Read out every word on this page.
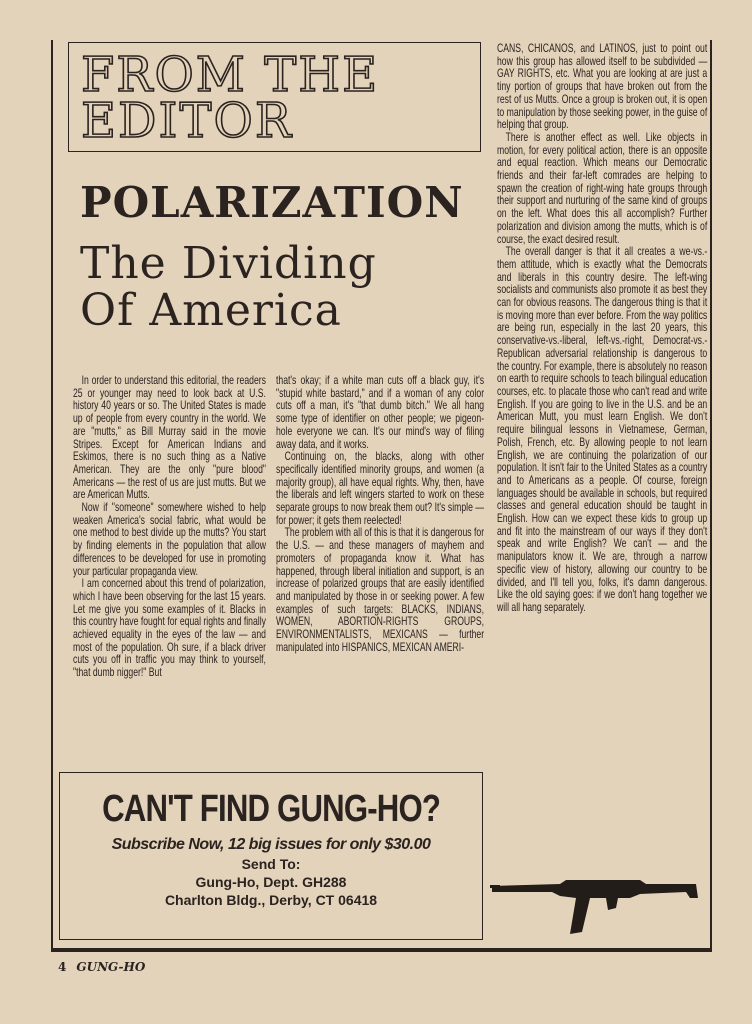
FROM THE
EDITOR
POLARIZATION
The Dividing
Of America

In order to understand this editorial, the readers 25 or younger may need to look back at U.S. history 40 years or so. The United States is made up of people from every country in the world. We are "mutts," as Bill Murray said in the movie Stripes. Except for American Indians and Eskimos, there is no such thing as a Native American. They are the only "pure blood" Americans — the rest of us are just mutts. But we are American Mutts.

Now if "someone" somewhere wished to help weaken America's social fabric, what would be one method to best divide up the mutts? You start by finding elements in the population that allow differences to be developed for use in promoting your particular propaganda view.

I am concerned about this trend of polarization, which I have been observing for the last 15 years. Let me give you some examples of it. Blacks in this country have fought for equal rights and finally achieved equality in the eyes of the law — and most of the population. Oh sure, if a black driver cuts you off in traffic you may think to yourself, "that dumb nigger!" But

that's okay; if a white man cuts off a black guy, it's "stupid white bastard," and if a woman of any color cuts off a man, it's "that dumb bitch." We all hang some type of identifier on other people; we pigeon-hole everyone we can. It's our mind's way of filing away data, and it works.

Continuing on, the blacks, along with other specifically identified minority groups, and women (a majority group), all have equal rights. Why, then, have the liberals and left wingers started to work on these separate groups to now break them out? It's simple — for power; it gets them reelected!

The problem with all of this is that it is dangerous for the U.S. — and these managers of mayhem and promoters of propaganda know it. What has happened, through liberal initiation and support, is an increase of polarized groups that are easily identified and manipulated by those in or seeking power. A few examples of such targets: BLACKS, INDIANS, WOMEN, ABORTION-RIGHTS GROUPS, ENVIRONMENTALISTS, MEXICANS — further manipulated into HISPANICS, MEXICAN AMERI-

CANS, CHICANOS, and LATINOS, just to point out how this group has allowed itself to be subdivided — GAY RIGHTS, etc. What you are looking at are just a tiny portion of groups that have broken out from the rest of us Mutts. Once a group is broken out, it is open to manipulation by those seeking power, in the guise of helping that group.

There is another effect as well. Like objects in motion, for every political action, there is an opposite and equal reaction. Which means our Democratic friends and their far-left comrades are helping to spawn the creation of right-wing hate groups through their support and nurturing of the same kind of groups on the left. What does this all accomplish? Further polarization and division among the mutts, which is of course, the exact desired result.

The overall danger is that it all creates a we-vs.-them attitude, which is exactly what the Democrats and liberals in this country desire. The left-wing socialists and communists also promote it as best they can for obvious reasons. The dangerous thing is that it is moving more than ever before. From the way politics are being run, especially in the last 20 years, this conservative-vs.-liberal, left-vs.-right, Democrat-vs.-Republican adversarial relationship is dangerous to the country. For example, there is absolutely no reason on earth to require schools to teach bilingual education courses, etc. to placate those who can't read and write English. If you are going to live in the U.S. and be an American Mutt, you must learn English. We don't require bilingual lessons in Vietnamese, German, Polish, French, etc. By allowing people to not learn English, we are continuing the polarization of our population. It isn't fair to the United States as a country and to Americans as a people. Of course, foreign languages should be available in schools, but required classes and general education should be taught in English. How can we expect these kids to group up and fit into the mainstream of our ways if they don't speak and write English? We can't — and the manipulators know it. We are, through a narrow specific view of history, allowing our country to be divided, and I'll tell you, folks, it's damn dangerous. Like the old saying goes: if we don't hang together we will all hang separately.

CAN'T FIND GUNG-HO?
Subscribe Now, 12 big issues for only $30.00
Send To:
Gung-Ho, Dept. GH288
Charlton Bldg., Derby, CT 06418
4 GUNG-HO
